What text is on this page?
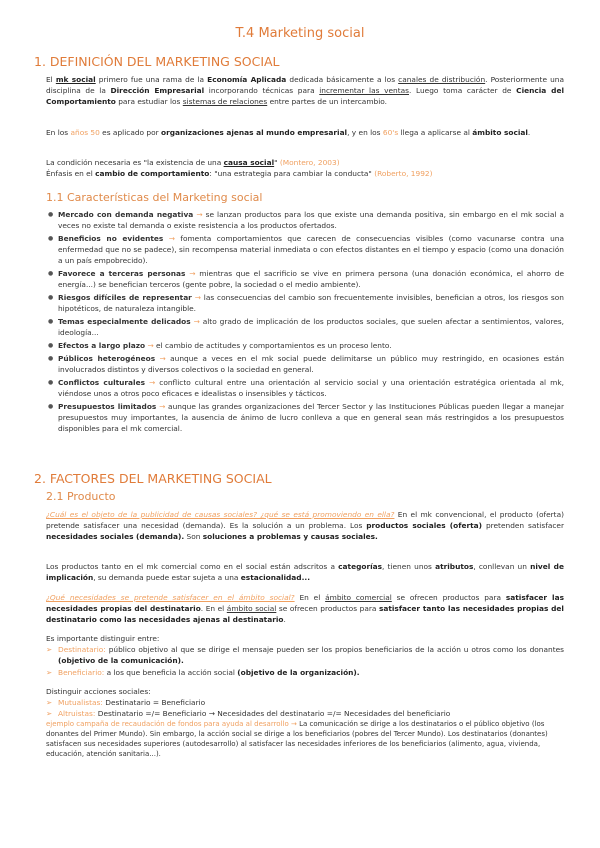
T.4 Marketing social
1. DEFINICIÓN DEL MARKETING SOCIAL
El mk social primero fue una rama de la Economía Aplicada dedicada básicamente a los canales de distribución. Posteriormente una disciplina de la Dirección Empresarial incorporando técnicas para incrementar las ventas. Luego toma carácter de Ciencia del Comportamiento para estudiar los sistemas de relaciones entre partes de un intercambio.
En los años 50 es aplicado por organizaciones ajenas al mundo empresarial, y en los 60's llega a aplicarse al ámbito social.
La condición necesaria es "la existencia de una causa social" (Montero, 2003)
Énfasis en el cambio de comportamiento: "una estrategia para cambiar la conducta" (Roberto, 1992)
1.1 Características del Marketing social
● Mercado con demanda negativa → se lanzan productos para los que existe una demanda positiva, sin embargo en el mk social a veces no existe tal demanda o existe resistencia a los productos ofertados.
● Beneficios no evidentes → fomenta comportamientos que carecen de consecuencias visibles (como vacunarse contra una enfermedad que no se padece), sin recompensa material inmediata o con efectos distantes en el tiempo y espacio (como una donación a un país empobrecido).
● Favorece a terceras personas → mientras que el sacrificio se vive en primera persona (una donación económica, el ahorro de energía...) se benefician terceros (gente pobre, la sociedad o el medio ambiente).
● Riesgos difíciles de representar → las consecuencias del cambio son frecuentemente invisibles, benefician a otros, los riesgos son hipotéticos, de naturaleza intangible.
● Temas especialmente delicados → alto grado de implicación de los productos sociales, que suelen afectar a sentimientos, valores, ideología...
● Efectos a largo plazo → el cambio de actitudes y comportamientos es un proceso lento.
● Públicos heterogéneos → aunque a veces en el mk social puede delimitarse un público muy restringido, en ocasiones están involucrados distintos y diversos colectivos o la sociedad en general.
● Conflictos culturales → conflicto cultural entre una orientación al servicio social y una orientación estratégica orientada al mk, viéndose unos a otros poco eficaces e idealistas o insensibles y tácticos.
● Presupuestos limitados → aunque las grandes organizaciones del Tercer Sector y las Instituciones Públicas pueden llegar a manejar presupuestos muy importantes, la ausencia de ánimo de lucro conlleva a que en general sean más restringidos a los presupuestos disponibles para el mk comercial.
2. FACTORES DEL MARKETING SOCIAL
2.1 Producto
¿Cuál es el objeto de la publicidad de causas sociales? ¿qué se está promoviendo en ella? En el mk convencional, el producto (oferta) pretende satisfacer una necesidad (demanda). Es la solución a un problema. Los productos sociales (oferta) pretenden satisfacer necesidades sociales (demanda). Son soluciones a problemas y causas sociales.
Los productos tanto en el mk comercial como en el social están adscritos a categorías, tienen unos atributos, conllevan un nivel de implicación, su demanda puede estar sujeta a una estacionalidad...
¿Qué necesidades se pretende satisfacer en el ámbito social? En el ámbito comercial se ofrecen productos para satisfacer las necesidades propias del destinatario. En el ámbito social se ofrecen productos para satisfacer tanto las necesidades propias del destinatario como las necesidades ajenas al destinatario.
Es importante distinguir entre:
➢ Destinatario: público objetivo al que se dirige el mensaje pueden ser los propios beneficiarios de la acción u otros como los donantes (objetivo de la comunicación).
➢ Beneficiario: a los que beneficia la acción social (objetivo de la organización).
Distinguir acciones sociales:
➢ Mutualistas: Destinatario = Beneficiario
➢ Altruistas: Destinatario =/= Beneficiario → Necesidades del destinatario =/= Necesidades del beneficiario
ejemplo campaña de recaudación de fondos para ayuda al desarrollo → La comunicación se dirige a los destinatarios o el público objetivo (los donantes del Primer Mundo). Sin embargo, la acción social se dirige a los beneficiarios (pobres del Tercer Mundo). Los destinatarios (donantes) satisfacen sus necesidades superiores (autodesarrollo) al satisfacer las necesidades inferiores de los beneficiarios (alimento, agua, vivienda, educación, atención sanitaria...).
